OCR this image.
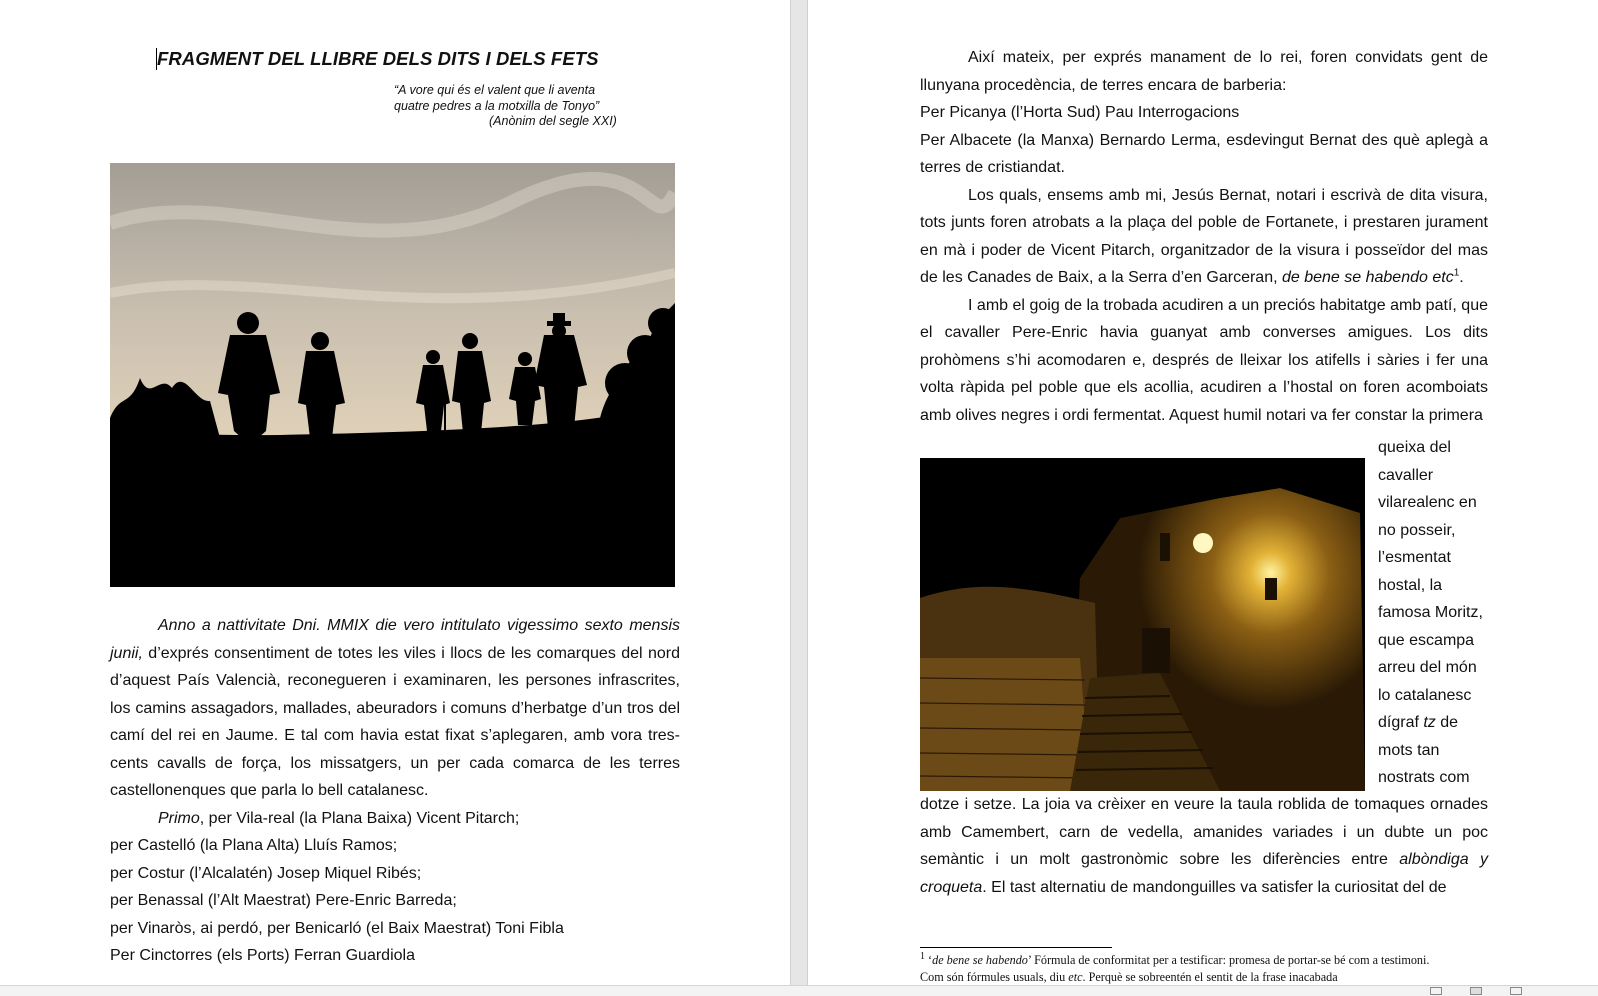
FRAGMENT DEL LLIBRE DELS DITS I DELS FETS
“A vore qui és el valent que li aventa
quatre pedres a la motxilla de Tonyo”
(Anònim del segle XXI)

Anno a nattivitate Dni. MMIX die vero intitulato vigessimo sexto mensis junii, d’exprés consentiment de totes les viles i llocs de les comarques del nord d’aquest País Valencià, reconegueren i examinaren, les persones infrascrites, los camins assagadors, mallades, abeuradors i comuns d’herbatge d’un tros del camí del rei en Jaume. E tal com havia estat fixat s’aplegaren, amb vora tres-cents cavalls de força, los missatgers, un per cada comarca de les terres castellonenques que parla lo bell catalanesc.

Primo, per Vila-real (la Plana Baixa) Vicent Pitarch;

per Castelló (la Plana Alta) Lluís Ramos;

per Costur (l’Alcalatén) Josep Miquel Ribés;

per Benassal (l’Alt Maestrat) Pere-Enric Barreda;

per Vinaròs, ai perdó, per Benicarló (el Baix Maestrat) Toni Fibla

Per Cinctorres (els Ports) Ferran Guardiola

Així mateix, per exprés manament de lo rei, foren convidats gent de llunyana procedència, de terres encara de barberia:

Per Picanya (l’Horta Sud) Pau Interrogacions

Per Albacete (la Manxa) Bernardo Lerma, esdevingut Bernat des què aplegà a terres de cristiandat.

Los quals, ensems amb mi, Jesús Bernat, notari i escrivà de dita visura, tots junts foren atrobats a la plaça del poble de Fortanete, i prestaren jurament en mà i poder de Vicent Pitarch, organitzador de la visura i posseïdor del mas de les Canades de Baix, a la Serra d’en Garceran, de bene se habendo etc$^1$.

I amb el goig de la trobada acudiren a un preciós habitatge amb patí, que el cavaller Pere-Enric havia guanyat amb converses amigues. Los dits prohòmens s’hi acomodaren e, després de lleixar los atifells i sàries i fer una volta ràpida pel poble que els acollia, acudiren a l’hostal on foren acomboiats amb olives negres i ordi fermentat. Aquest humil notari va fer constar la primera

queixa del

cavaller

vilarealenc en

no posseir,

l’esmentat

hostal, la

famosa Moritz,

que escampa

arreu del món

lo catalanesc

dígraf tz de

mots tan

nostrats com

dotze i setze. La joia va crèixer en veure la taula roblida de tomaques ornades amb Camembert, carn de vedella, amanides variades i un dubte un poc semàntic i un molt gastronòmic sobre les diferències entre albòndiga y croqueta. El tast alternatiu de mandonguilles va satisfer la curiositat del de

$^1$ ‘de bene se habendo’ Fórmula de conformitat per a testificar: promesa de portar-se bé com a testimoni.
Com són fórmules usuals, diu etc. Perquè se sobreentén el sentit de la frase inacabada
